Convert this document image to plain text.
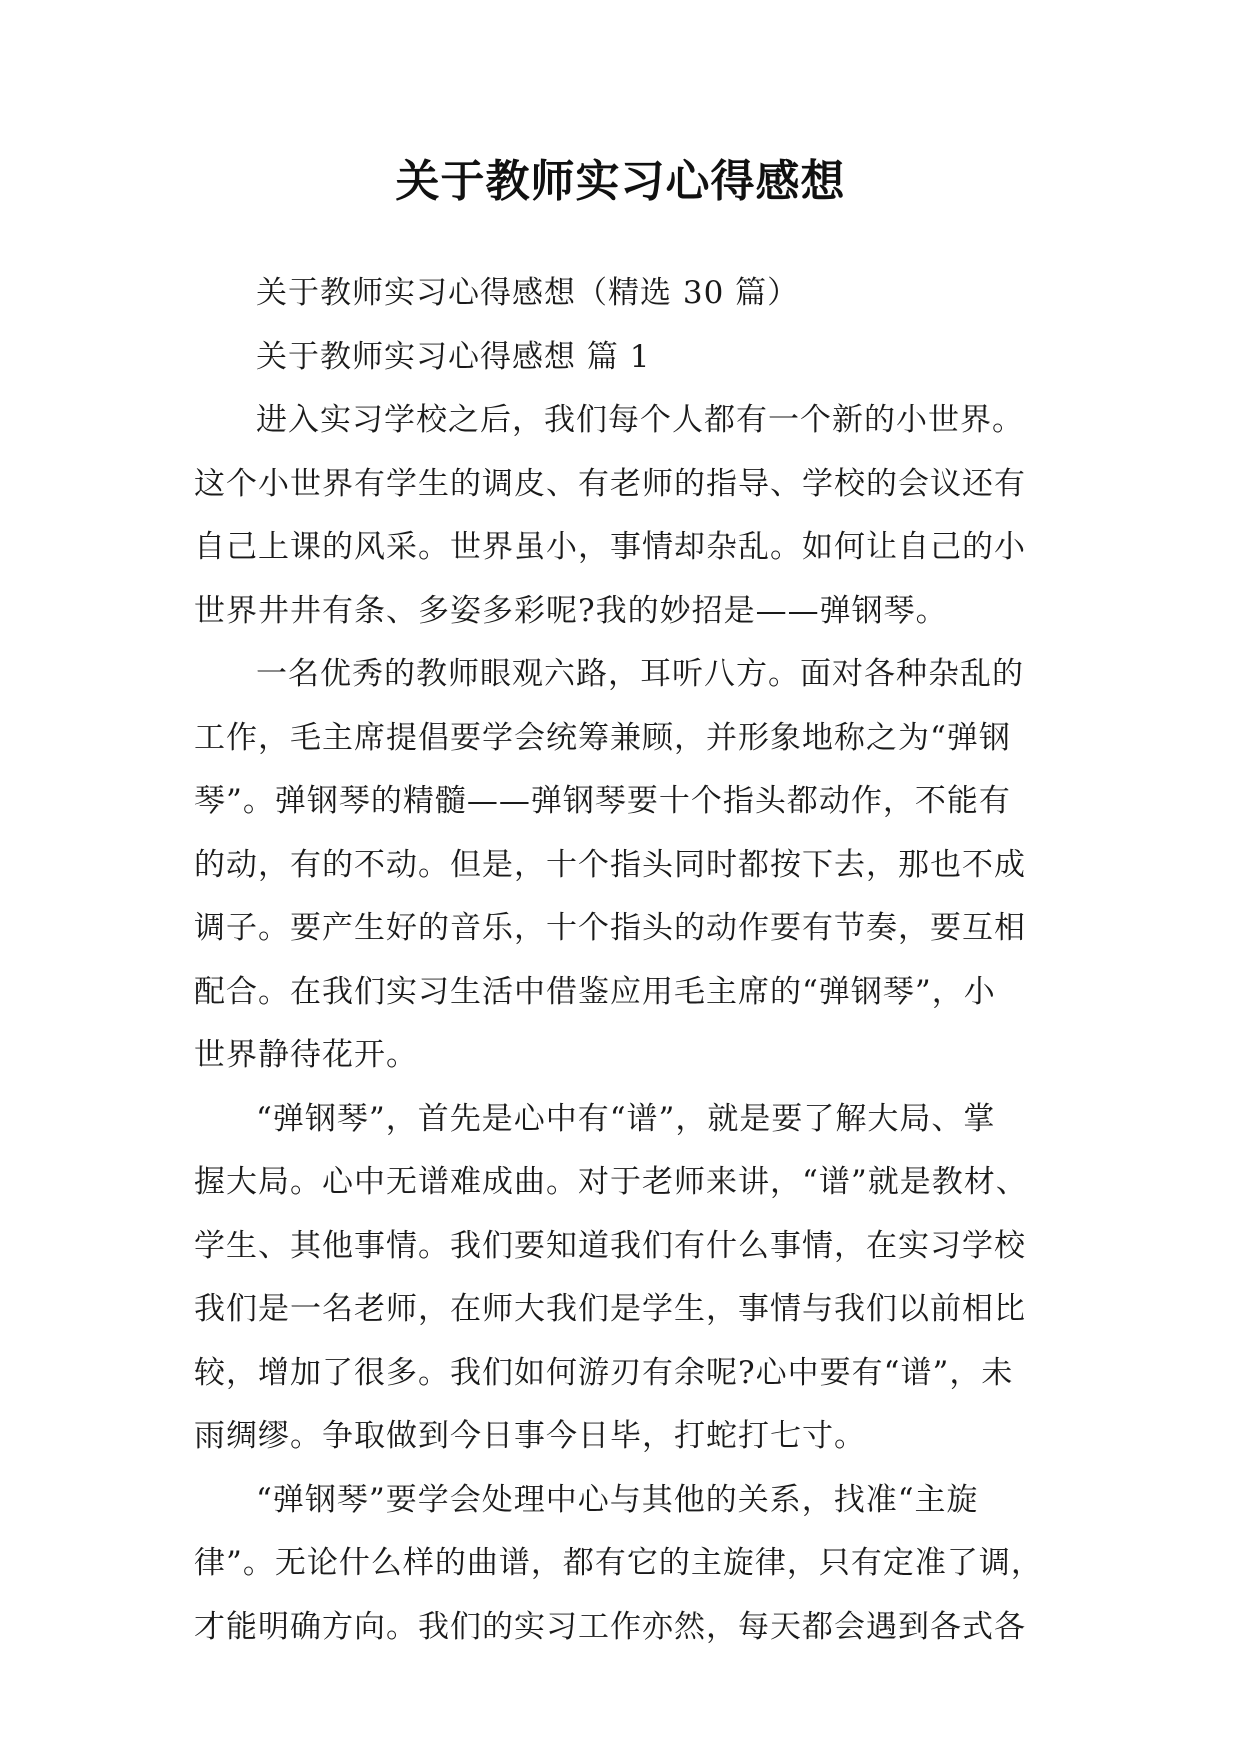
关于教师实习心得感想
关于教师实习心得感想（精选 30 篇）
关于教师实习心得感想 篇 1
进入实习学校之后，我们每个人都有一个新的小世界。
这个小世界有学生的调皮、有老师的指导、学校的会议还有
自己上课的风采。世界虽小，事情却杂乱。如何让自己的小
世界井井有条、多姿多彩呢?我的妙招是——弹钢琴。
一名优秀的教师眼观六路，耳听八方。面对各种杂乱的
工作，毛主席提倡要学会统筹兼顾，并形象地称之为“弹钢
琴”。弹钢琴的精髓——弹钢琴要十个指头都动作，不能有
的动，有的不动。但是，十个指头同时都按下去，那也不成
调子。要产生好的音乐，十个指头的动作要有节奏，要互相
配合。在我们实习生活中借鉴应用毛主席的“弹钢琴”，小
世界静待花开。
“弹钢琴”，首先是心中有“谱”，就是要了解大局、掌
握大局。心中无谱难成曲。对于老师来讲，“谱”就是教材、
学生、其他事情。我们要知道我们有什么事情，在实习学校
我们是一名老师，在师大我们是学生，事情与我们以前相比
较，增加了很多。我们如何游刃有余呢?心中要有“谱”，未
雨绸缪。争取做到今日事今日毕，打蛇打七寸。
“弹钢琴”要学会处理中心与其他的关系，找准“主旋
律”。无论什么样的曲谱，都有它的主旋律，只有定准了调，
才能明确方向。我们的实习工作亦然，每天都会遇到各式各
